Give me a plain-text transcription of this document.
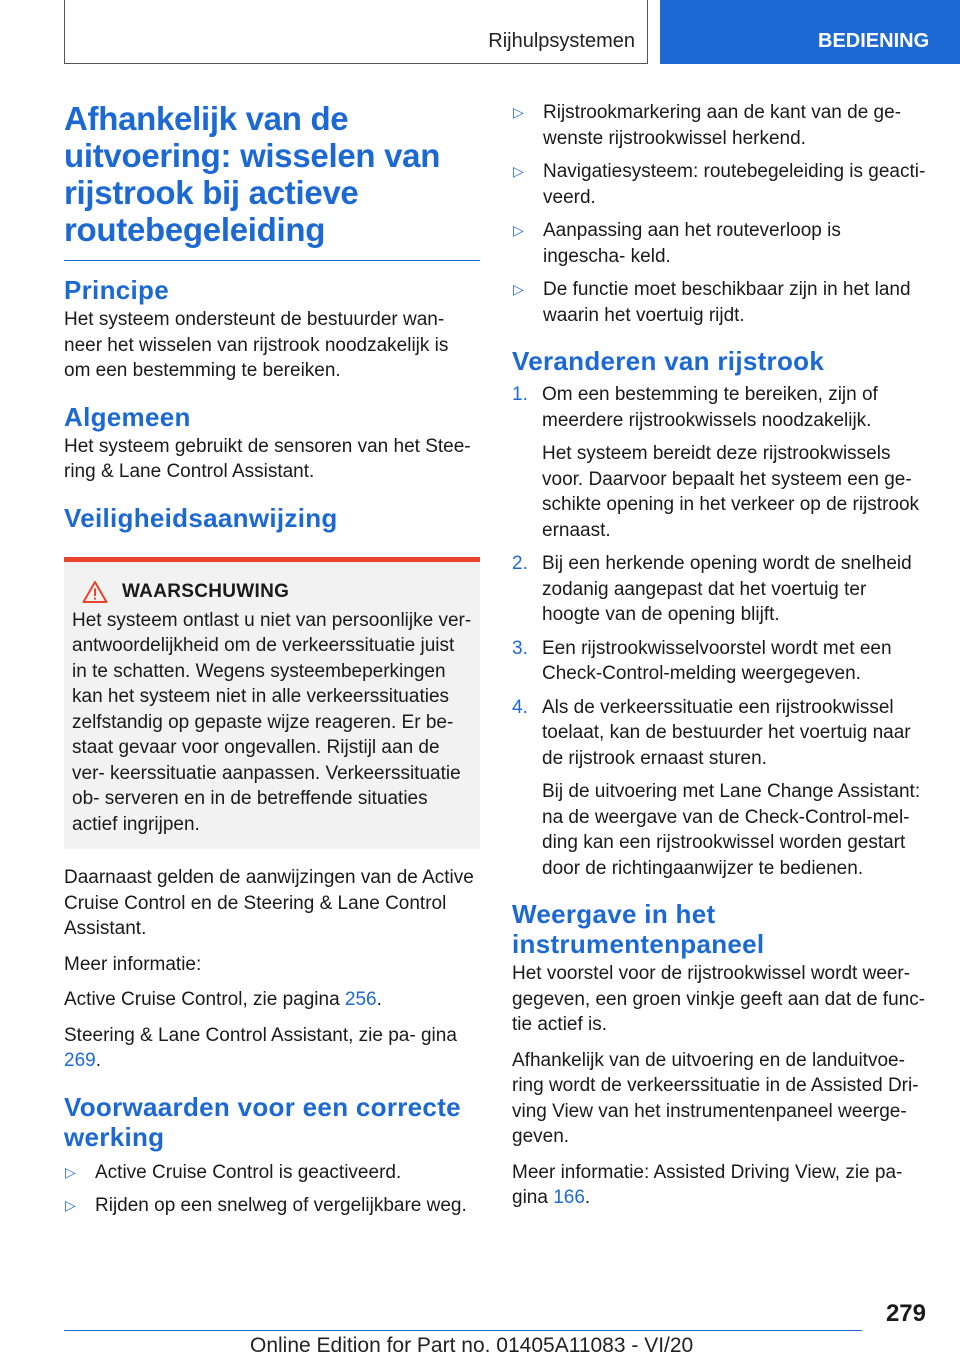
Rijhulpsystemen	BEDIENING
Afhankelijk van de uitvoering: wisselen van rijstrook bij actieve routebegeleiding
Principe

Het systeem ondersteunt de bestuurder wan- neer het wisselen van rijstrook noodzakelijk is om een bestemming te bereiken.

Algemeen

Het systeem gebruikt de sensoren van het Stee- ring & Lane Control Assistant.

Veiligheidsaanwijzing
WAARSCHUWING

Het systeem ontlast u niet van persoonlijke ver- antwoordelijkheid om de verkeerssituatie juist in te schatten. Wegens systeembeperkingen kan het systeem niet in alle verkeerssituaties zelfstandig op gepaste wijze reageren. Er be- staat gevaar voor ongevallen. Rijstijl aan de ver- keerssituatie aanpassen. Verkeerssituatie ob- serveren en in de betreffende situaties actief ingrijpen.

Daarnaast gelden de aanwijzingen van de Active Cruise Control en de Steering & Lane Control Assistant.

Meer informatie:

Active Cruise Control, zie pagina 256.

Steering & Lane Control Assistant, zie pa- gina 269.

Voorwaarden voor een correcte werking
▷	Active Cruise Control is geactiveerd.

▷	Rijden op een snelweg of vergelijkbare weg.

▷	Rijstrookmarkering aan de kant van de ge- wenste rijstrookwissel herkend.

▷	Navigatiesysteem: routebegeleiding is geacti- veerd.

▷	Aanpassing aan het routeverloop is ingescha- keld.

▷	De functie moet beschikbaar zijn in het land waarin het voertuig rijdt.

Veranderen van rijstrook
1. Om een bestemming te bereiken, zijn of meerdere rijstrookwissels noodzakelijk.

Het systeem bereidt deze rijstrookwissels voor. Daarvoor bepaalt het systeem een ge- schikte opening in het verkeer op de rijstrook ernaast.

2. Bij een herkende opening wordt de snelheid zodanig aangepast dat het voertuig ter hoogte van de opening blijft.

3. Een rijstrookwisselvoorstel wordt met een Check-Control-melding weergegeven.

4. Als de verkeerssituatie een rijstrookwissel toelaat, kan de bestuurder het voertuig naar de rijstrook ernaast sturen.

Bij de uitvoering met Lane Change Assistant: na de weergave van de Check-Control-mel- ding kan een rijstrookwissel worden gestart door de richtingaanwijzer te bedienen.

Weergave in het instrumentenpaneel

Het voorstel voor de rijstrookwissel wordt weer- gegeven, een groen vinkje geeft aan dat de func- tie actief is.

Afhankelijk van de uitvoering en de landuitvoe- ring wordt de verkeerssituatie in de Assisted Dri- ving View van het instrumentenpaneel weerge- geven.

Meer informatie: Assisted Driving View, zie pa- gina 166.

279
Online Edition for Part no. 01405A11083 - VI/20
